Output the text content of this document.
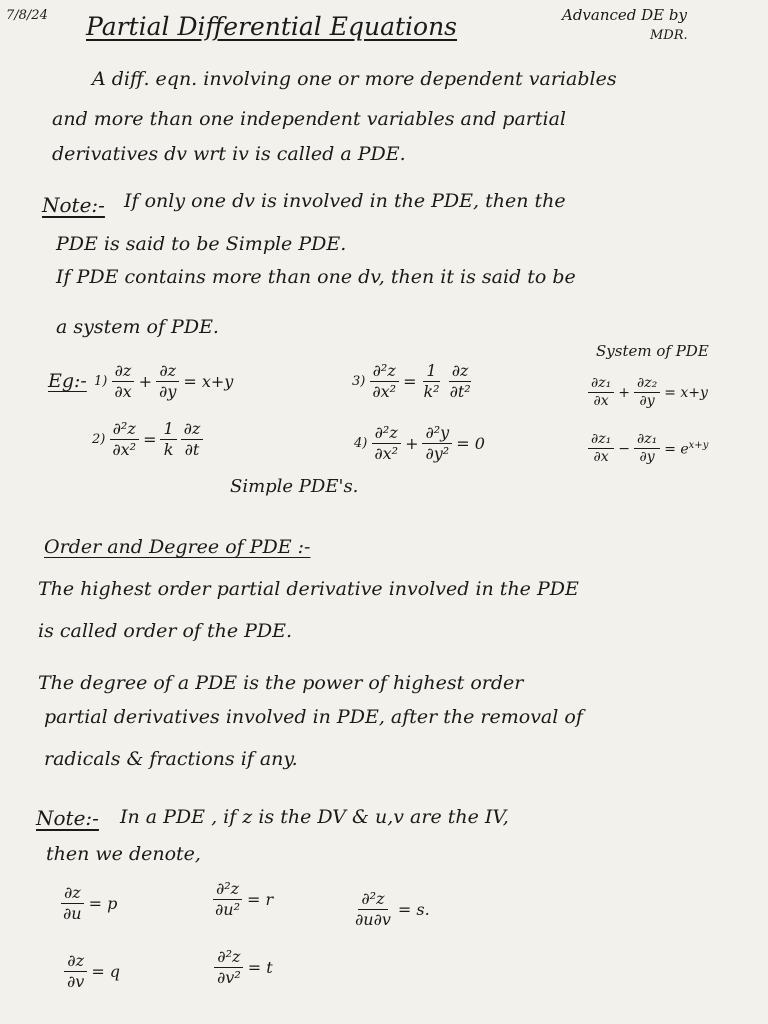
7/8/24 Partial Differential Equations	Advanced DE by
MDR.
A diff. eqn. involving one or more dependent variables
and more than one independent variables and partial
derivatives dv wrt iv is called a PDE.
Note:- If only one dv is involved in the PDE, then the
PDE is said to be Simple PDE.
If PDE contains more than one dv, then it is said to be
a system of PDE.
Eg:-
System of PDE
$1) \frac{\partial z}{\partial x} + \frac{\partial z}{\partial y} = x+y$
$2) \frac{\text{∂²z}}{\text{∂x²}} = \frac{1}{k} \frac{\partial z}{\partial t}$
$3) \frac{\text{∂²z}}{\text{∂x²}} = \frac{1}{\text{k²}} \frac{\partial z}{\text{∂t²}}$
$4) \frac{\text{∂²z}}{\text{∂x²}} + \frac{\text{∂²y}}{\text{∂y²}} = 0$
$\frac{\text{∂z₁}}{\partial x} + \frac{\text{∂z₂}}{\partial y} = x+y$
$\frac{\text{∂z₁}}{\partial x} - \frac{\text{∂z₁}}{\partial y} = e^{x+y}$
Simple PDE's.
Order and Degree of PDE :-
The highest order partial derivative involved in the PDE
is called order of the PDE.
The degree of a PDE is the power of highest order
partial derivatives involved in PDE, after the removal of
radicals & fractions if any.
Note:- In a PDE , if z is the DV & u,v are the IV,
then we denote,
$\frac{\partial z}{\partial u} = p$	$\frac{\text{∂²z}}{\text{∂u²}} = r$	$\frac{\text{∂²z}}{\partial u\partial v} = s$.
$\frac{\partial z}{\partial v} = q$	$\frac{\text{∂²z}}{\text{∂v²}} = t$
